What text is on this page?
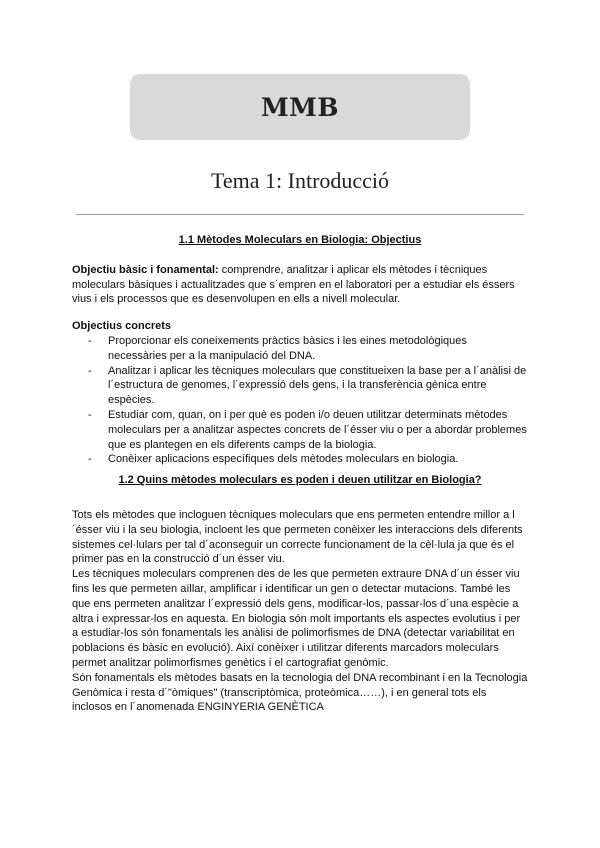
MMB
Tema 1: Introducció

1.1 Mètodes Moleculars en Biologia: Objectius

Objectiu bàsic i fonamental: comprendre, analitzar i aplicar els mètodes i tècniques moleculars bàsiques i actualitzades que s´empren en el laboratori per a estudiar els éssers vius i els processos que es desenvolupen en ells a nivell molecular.

Objectius concrets

- Proporcionar els coneixements pràctics bàsics i les eines metodològiques necessàries per a la manipulació del DNA.
- Analitzar i aplicar les tècniques moleculars que constitueixen la base per a l´anàlisi de l´estructura de genomes, l´expressió dels gens, i la transferència gènica entre espècies.
- Estudiar com, quan, on i per què es poden i/o deuen utilitzar determinats mètodes moleculars per a analitzar aspectes concrets de l´ésser viu o per a abordar problemes que es plantegen en els diferents camps de la biologia.
- Conèixer aplicacions específiques dels mètodes moleculars en biologia.

1.2 Quins mètodes moleculars es poden i deuen utilitzar en Biologia?

Tots els mètodes que incloguen tècniques moleculars que ens permeten entendre millor a l´ésser viu i la seu biologia, incloent les que permeten conèixer les interaccions dels diferents sistemes cel·lulars per tal d´aconseguir un correcte funcionament de la cèl·lula ja que és el primer pas en la construcció d´un ésser viu.

Les tècniques moleculars comprenen des de les que permeten extraure DNA d´un ésser viu fins les que permeten aïllar, amplificar i identificar un gen o detectar mutacions. També les que ens permeten analitzar l´expressió dels gens, modificar-los, passar-los d´una espècie a altra i expressar-los en aquesta. En biologia són molt importants els aspectes evolutius i per a estudiar-los són fonamentals les anàlisi de polimorfismes de DNA (detectar variabilitat en poblacions és bàsic en evolució). Així conèixer i utilitzar diferents marcadors moleculars permet analitzar polimorfismes genètics i el cartografiat genòmic.

Són fonamentals els mètodes basats en la tecnologia del DNA recombinant i en la Tecnologia Genòmica i resta d´"òmiques" (transcriptòmica, proteòmica……), i en general tots els inclosos en l´anomenada ENGINYERIA GENÈTICA
